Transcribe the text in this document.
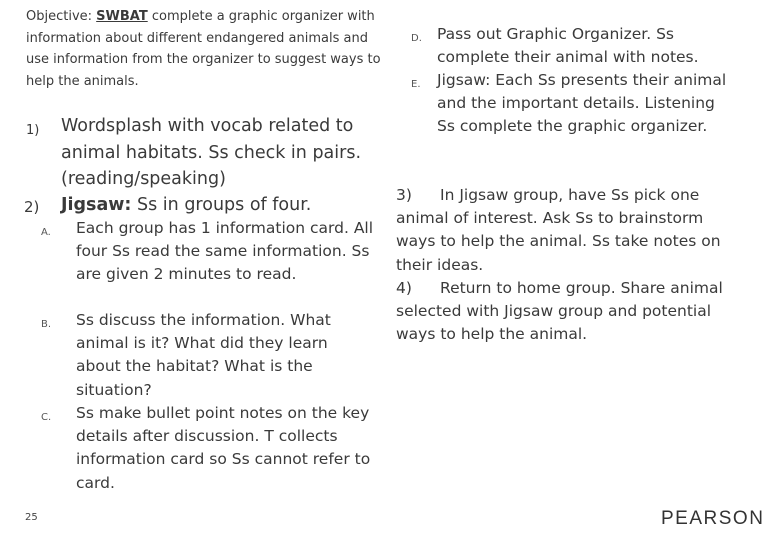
Objective: SWBAT complete a graphic organizer with information about different endangered animals and use information from the organizer to suggest ways to help the animals.
1) Wordsplash with vocab related to animal habitats. Ss check in pairs. (reading/speaking)
2) Jigsaw: Ss in groups of four.
A. Each group has 1 information card. All four Ss read the same information. Ss are given 2 minutes to read.
B. Ss discuss the information. What animal is it? What did they learn about the habitat? What is the situation?
C. Ss make bullet point notes on the key details after discussion. T collects information card so Ss cannot refer to card.
D. Pass out Graphic Organizer. Ss complete their animal with notes.
E. Jigsaw: Each Ss presents their animal and the important details. Listening Ss complete the graphic organizer.
3) In Jigsaw group, have Ss pick one animal of interest. Ask Ss to brainstorm ways to help the animal. Ss take notes on their ideas.
4) Return to home group. Share animal selected with Jigsaw group and potential ways to help the animal.
25	PEARSON
